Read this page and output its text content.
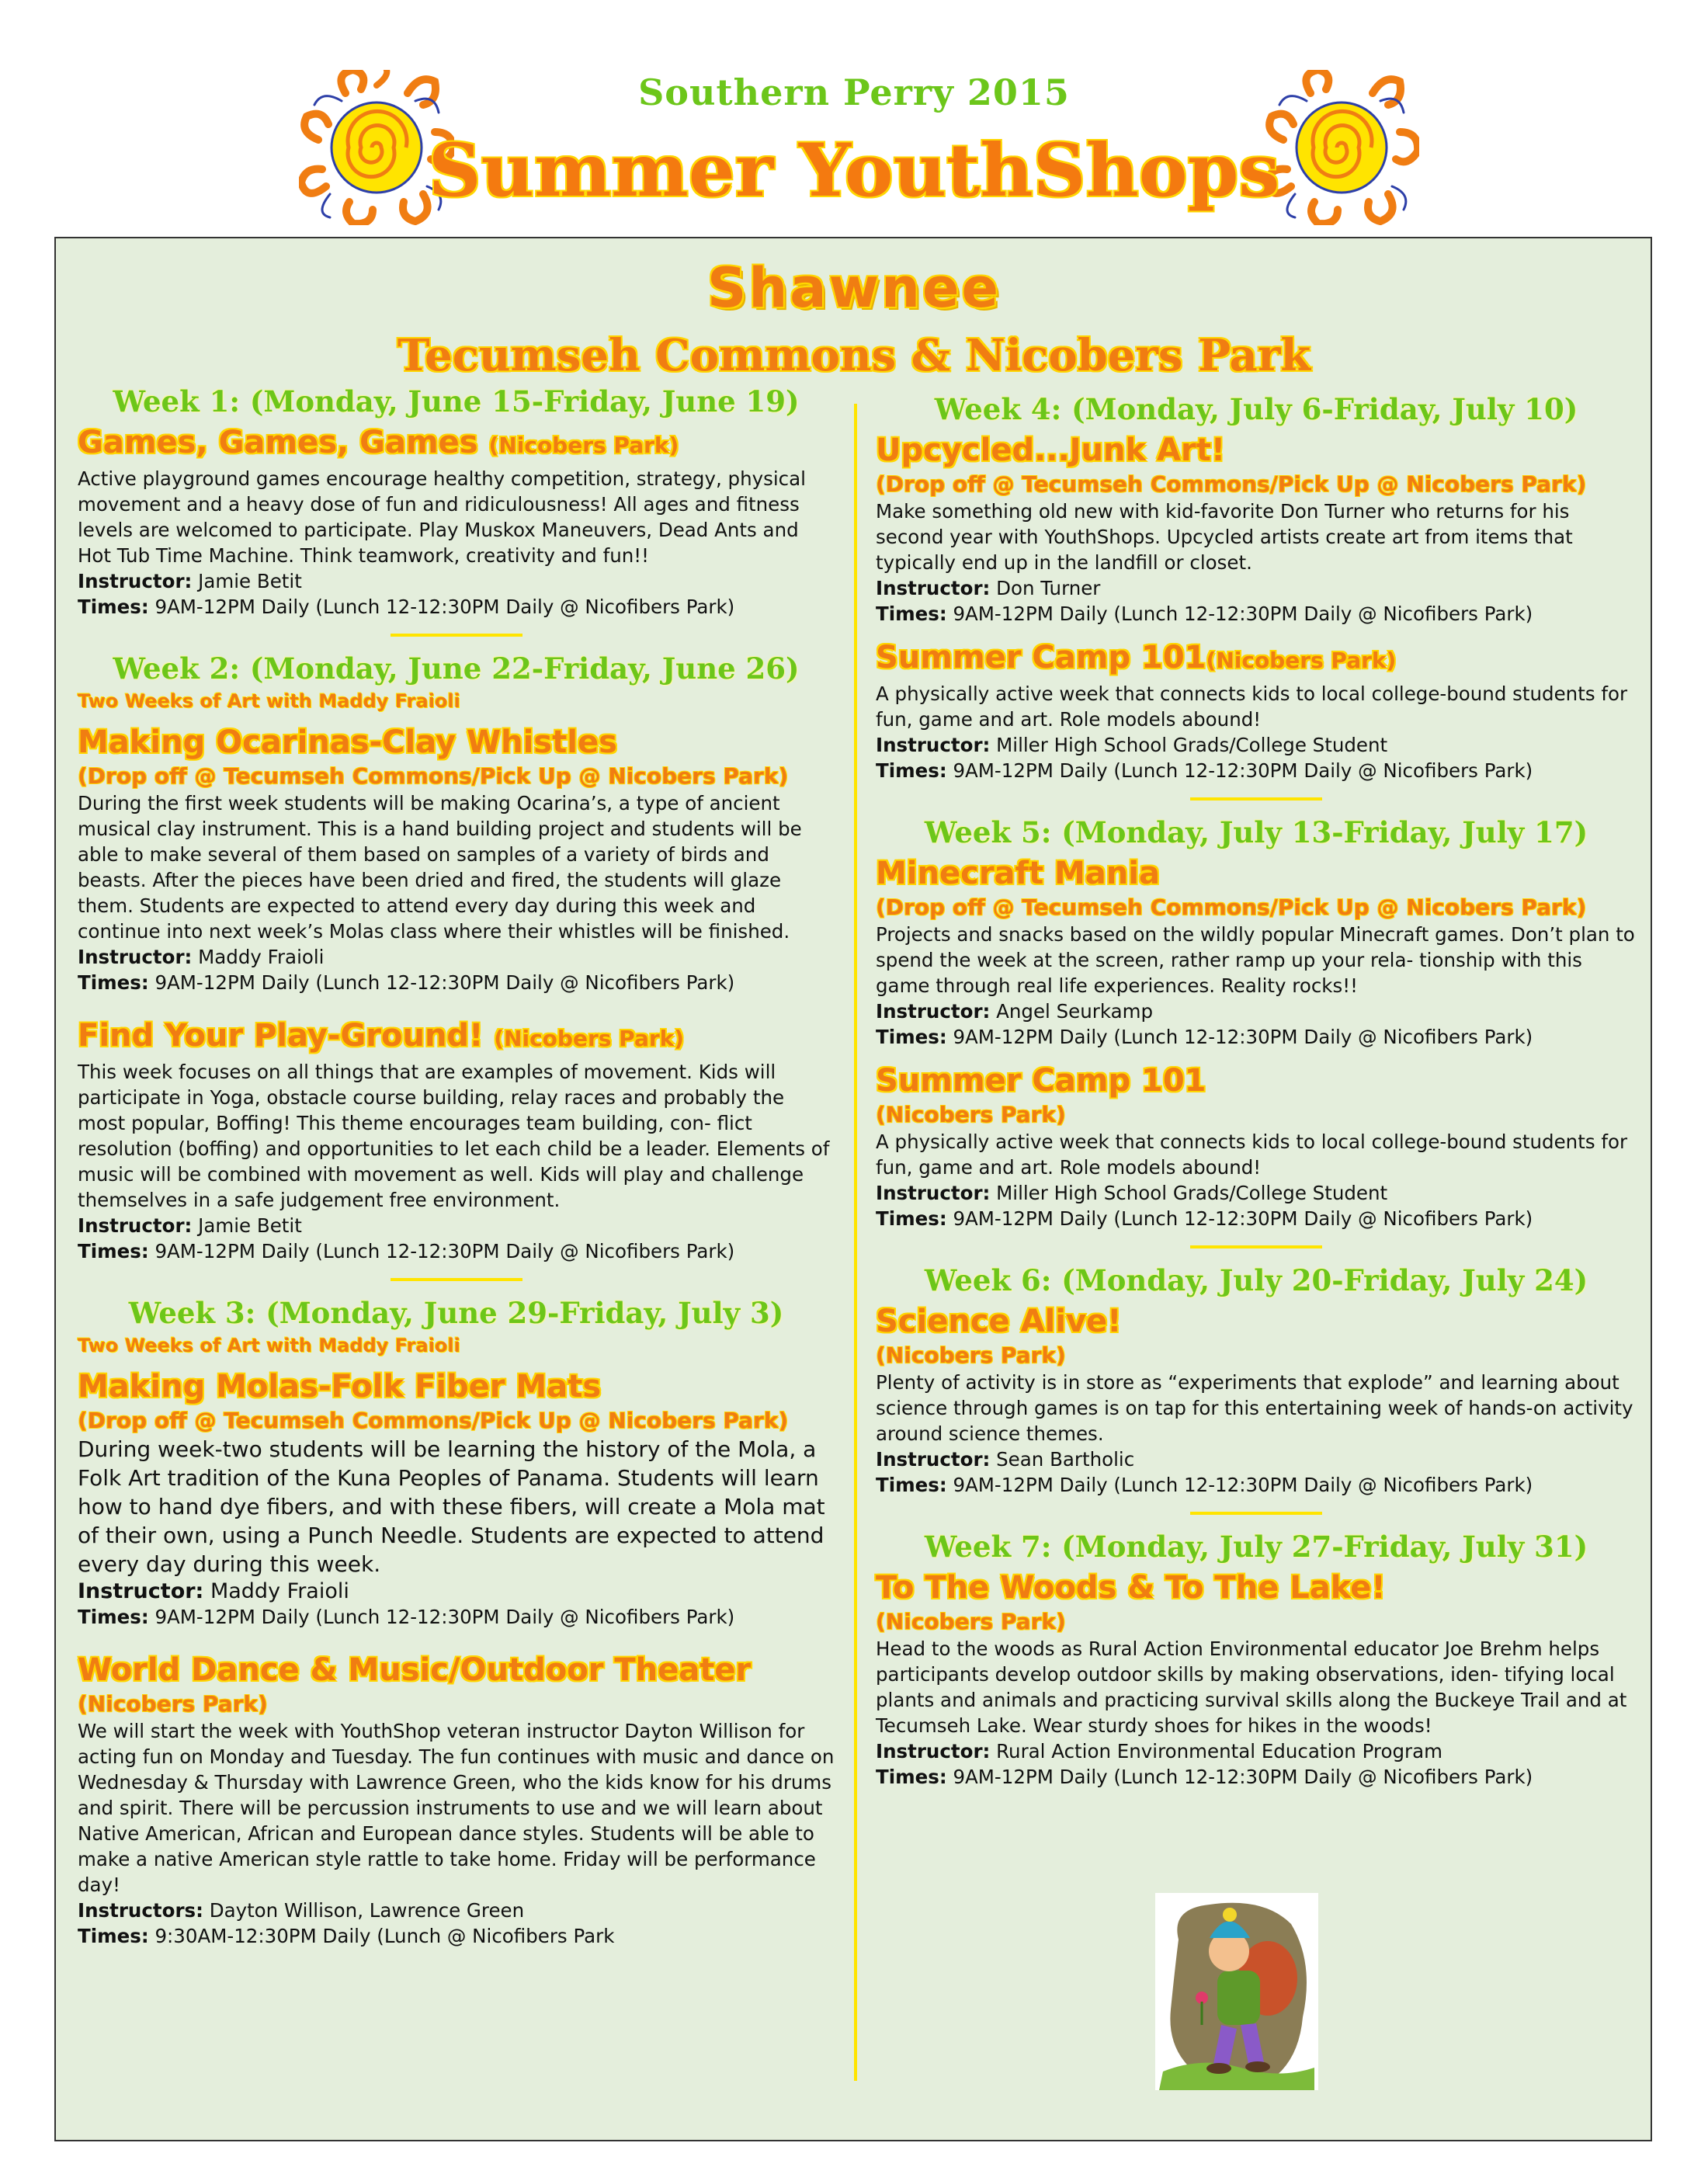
Southern Perry 2015
Summer YouthShops
Shawnee
Tecumseh Commons & Nicobers Park

Week 1: (Monday, June 15-Friday, June 19)

Games, Games, Games (Nicobers Park)

Active playground games encourage healthy competition, strategy, physical movement and a heavy dose of fun and ridiculousness! All ages and fitness levels are welcomed to participate. Play Muskox Maneuvers, Dead Ants and Hot Tub Time Machine. Think teamwork, creativity and fun!!

Instructor: Jamie Betit

Times: 9AM-12PM Daily (Lunch 12-12:30PM Daily @ Nicofibers Park)

Week 2: (Monday, June 22-Friday, June 26)

Two Weeks of Art with Maddy Fraioli

Making Ocarinas-Clay Whistles

(Drop off @ Tecumseh Commons/Pick Up @ Nicobers Park)

During the first week students will be making Ocarina’s, a type of ancient musical clay instrument. This is a hand building project and students will be able to make several of them based on samples of a variety of birds and beasts. After the pieces have been dried and fired, the students will glaze them. Students are expected to attend every day during this week and continue into next week’s Molas class where their whistles will be finished.

Instructor: Maddy Fraioli

Times: 9AM-12PM Daily (Lunch 12-12:30PM Daily @ Nicofibers Park)

Find Your Play-Ground! (Nicobers Park)

This week focuses on all things that are examples of movement. Kids will participate in Yoga, obstacle course building, relay races and probably the most popular, Boffing! This theme encourages team building, con- flict resolution (boffing) and opportunities to let each child be a leader. Elements of music will be combined with movement as well. Kids will play and challenge themselves in a safe judgement free environment.

Instructor: Jamie Betit

Times: 9AM-12PM Daily (Lunch 12-12:30PM Daily @ Nicofibers Park)

Week 3: (Monday, June 29-Friday, July 3)

Two Weeks of Art with Maddy Fraioli

Making Molas-Folk Fiber Mats

(Drop off @ Tecumseh Commons/Pick Up @ Nicobers Park)

During week-two students will be learning the history of the Mola, a Folk Art tradition of the Kuna Peoples of Panama. Students will learn how to hand dye fibers, and with these fibers, will create a Mola mat of their own, using a Punch Needle. Students are expected to attend every day during this week.

Instructor: Maddy Fraioli

Times: 9AM-12PM Daily (Lunch 12-12:30PM Daily @ Nicofibers Park)

World Dance & Music/Outdoor Theater

(Nicobers Park)

We will start the week with YouthShop veteran instructor Dayton Willison for acting fun on Monday and Tuesday. The fun continues with music and dance on Wednesday & Thursday with Lawrence Green, who the kids know for his drums and spirit. There will be percussion instruments to use and we will learn about Native American, African and European dance styles. Students will be able to make a native American style rattle to take home. Friday will be performance day!

Instructors: Dayton Willison, Lawrence Green

Times: 9:30AM-12:30PM Daily (Lunch @ Nicofibers Park

Week 4: (Monday, July 6-Friday, July 10)

Upcycled...Junk Art!

(Drop off @ Tecumseh Commons/Pick Up @ Nicobers Park)

Make something old new with kid-favorite Don Turner who returns for his second year with YouthShops. Upcycled artists create art from items that typically end up in the landfill or closet.

Instructor: Don Turner

Times: 9AM-12PM Daily (Lunch 12-12:30PM Daily @ Nicofibers Park)

Summer Camp 101(Nicobers Park)

A physically active week that connects kids to local college-bound students for fun, game and art. Role models abound!

Instructor: Miller High School Grads/College Student

Times: 9AM-12PM Daily (Lunch 12-12:30PM Daily @ Nicofibers Park)

Week 5: (Monday, July 13-Friday, July 17)

Minecraft Mania

(Drop off @ Tecumseh Commons/Pick Up @ Nicobers Park)

Projects and snacks based on the wildly popular Minecraft games. Don’t plan to spend the week at the screen, rather ramp up your rela- tionship with this game through real life experiences. Reality rocks!!

Instructor: Angel Seurkamp

Times: 9AM-12PM Daily (Lunch 12-12:30PM Daily @ Nicofibers Park)

Summer Camp 101

(Nicobers Park)

A physically active week that connects kids to local college-bound students for fun, game and art. Role models abound!

Instructor: Miller High School Grads/College Student

Times: 9AM-12PM Daily (Lunch 12-12:30PM Daily @ Nicofibers Park)

Week 6: (Monday, July 20-Friday, July 24)

Science Alive!

(Nicobers Park)

Plenty of activity is in store as “experiments that explode” and learning about science through games is on tap for this entertaining week of hands-on activity around science themes.

Instructor: Sean Bartholic

Times: 9AM-12PM Daily (Lunch 12-12:30PM Daily @ Nicofibers Park)

Week 7: (Monday, July 27-Friday, July 31)

To The Woods & To The Lake!

(Nicobers Park)

Head to the woods as Rural Action Environmental educator Joe Brehm helps participants develop outdoor skills by making observations, iden- tifying local plants and animals and practicing survival skills along the Buckeye Trail and at Tecumseh Lake. Wear sturdy shoes for hikes in the woods!

Instructor: Rural Action Environmental Education Program

Times: 9AM-12PM Daily (Lunch 12-12:30PM Daily @ Nicofibers Park)
